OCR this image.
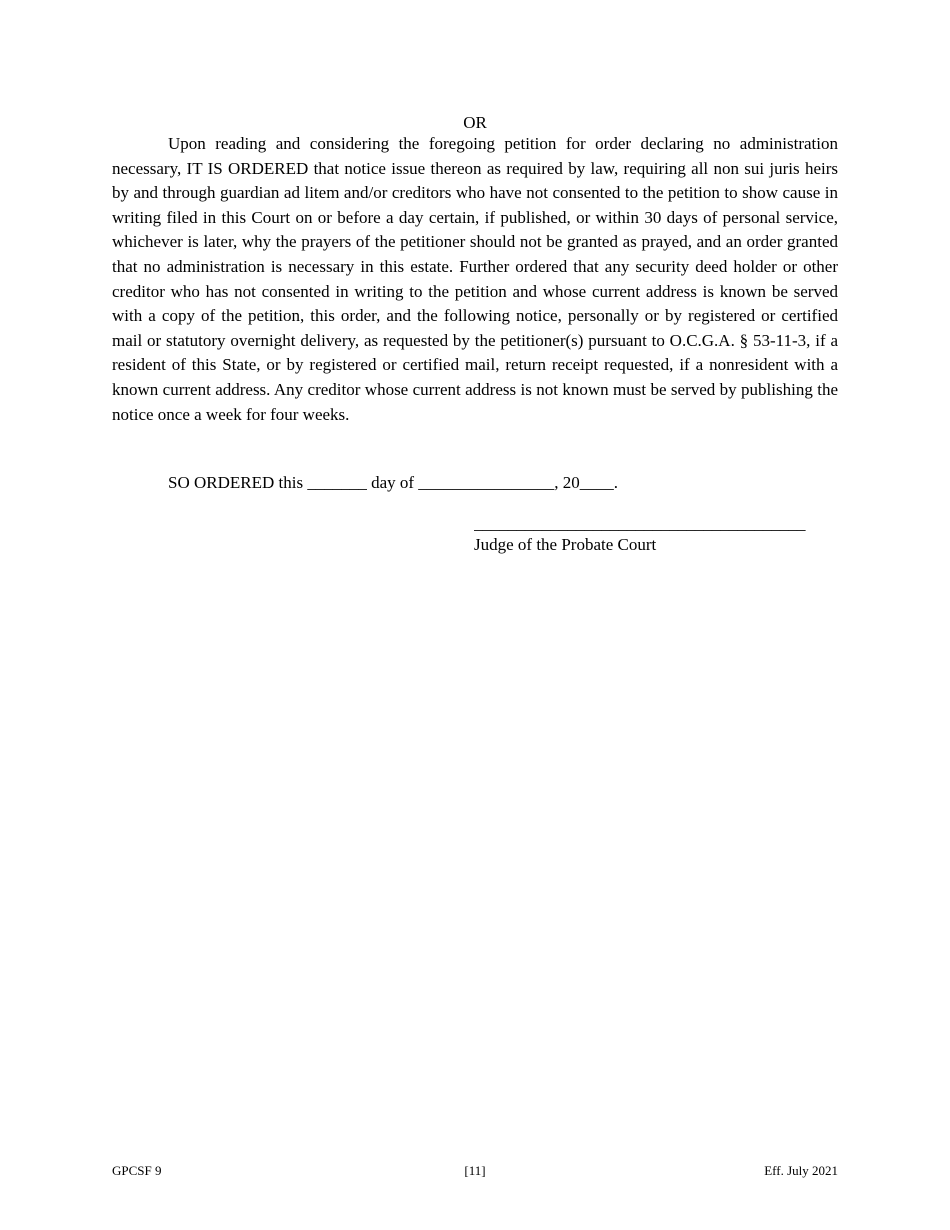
OR

Upon reading and considering the foregoing petition for order declaring no administration necessary, IT IS ORDERED that notice issue thereon as required by law, requiring all non sui juris heirs by and through guardian ad litem and/or creditors who have not consented to the petition to show cause in writing filed in this Court on or before a day certain, if published, or within 30 days of personal service, whichever is later, why the prayers of the petitioner should not be granted as prayed, and an order granted that no administration is necessary in this estate. Further ordered that any security deed holder or other creditor who has not consented in writing to the petition and whose current address is known be served with a copy of the petition, this order, and the following notice, personally or by registered or certified mail or statutory overnight delivery, as requested by the petitioner(s) pursuant to O.C.G.A. § 53-11-3, if a resident of this State, or by registered or certified mail, return receipt requested, if a nonresident with a known current address. Any creditor whose current address is not known must be served by publishing the notice once a week for four weeks.

SO ORDERED this _______ day of ________________, 20____.
_______________________________________
Judge of the Probate Court
GPCSF 9	[11]	Eff. July 2021
